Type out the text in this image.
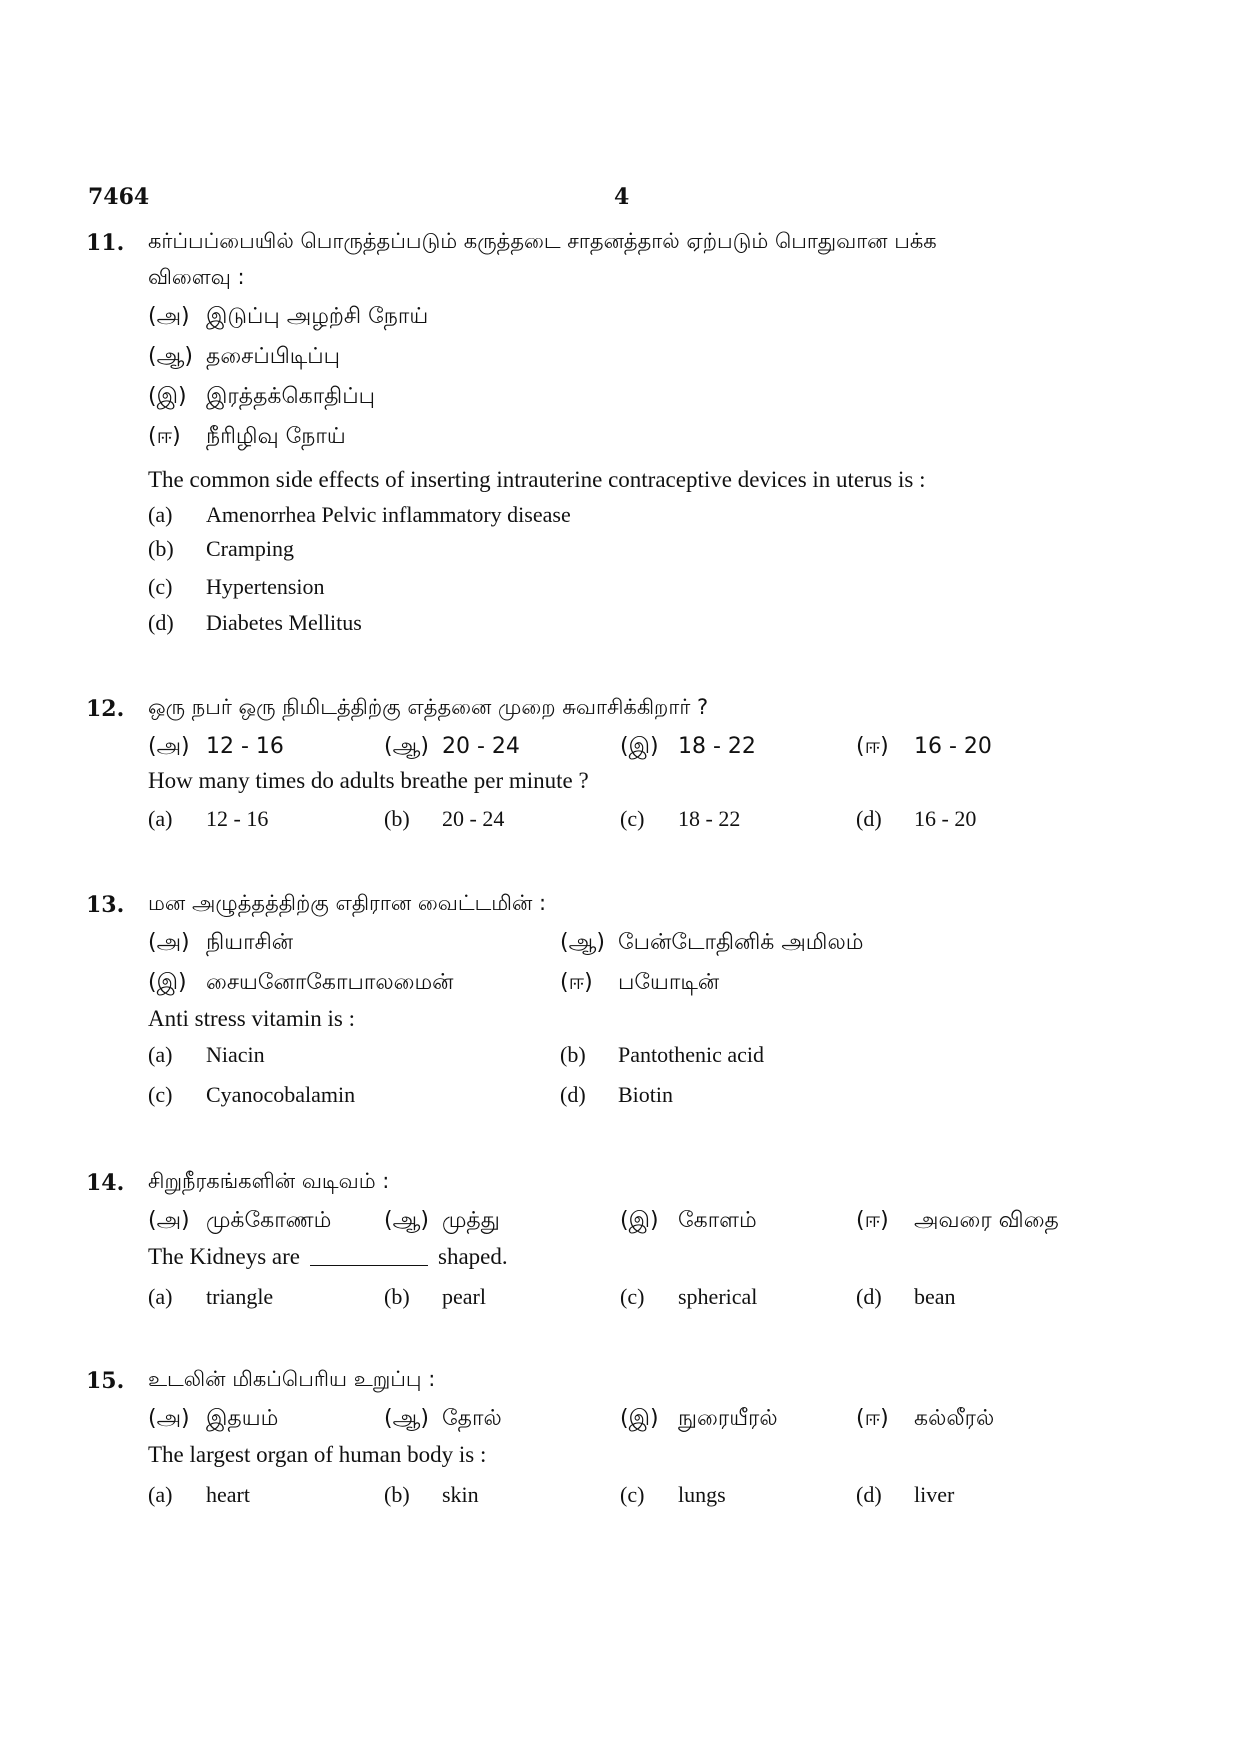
7464	4
11. கர்ப்பப்பையில் பொருத்தப்படும் கருத்தடை சாதனத்தால் ஏற்படும் பொதுவான பக்க
விளைவு :
(அ) இடுப்பு அழற்சி நோய்
(ஆ) தசைப்பிடிப்பு
(இ) இரத்தக்கொதிப்பு
(ஈ) நீரிழிவு நோய்
The common side effects of inserting intrauterine contraceptive devices in uterus is :
(a) Amenorrhea Pelvic inflammatory disease
(b) Cramping
(c) Hypertension
(d) Diabetes Mellitus
12. ஒரு நபர் ஒரு நிமிடத்திற்கு எத்தனை முறை சுவாசிக்கிறார் ?
(அ) 12 - 16	(ஆ) 20 - 24	(இ) 18 - 22	(ஈ) 16 - 20
How many times do adults breathe per minute ?
(a) 12 - 16	(b) 20 - 24	(c) 18 - 22	(d) 16 - 20
13. மன அழுத்தத்திற்கு எதிரான வைட்டமின் :
(அ) நியாசின்	(ஆ) பேன்டோதினிக் அமிலம்
(இ) சையனோகோபாலமைன்	(ஈ) பயோடின்
Anti stress vitamin is :
(a) Niacin	(b) Pantothenic acid
(c) Cyanocobalamin	(d) Biotin
14. சிறுநீரகங்களின் வடிவம் :
(அ) முக்கோணம் (ஆ) முத்து	(இ) கோளம்	(ஈ) அவரை விதை
The Kidneys are	shaped.
(a) triangle	(b) pearl	(c) spherical	(d) bean
15. உடலின் மிகப்பெரிய உறுப்பு :
(அ) இதயம்	(ஆ) தோல்	(இ) நுரையீரல்	(ஈ) கல்லீரல்
The largest organ of human body is :
(a) heart	(b) skin	(c) lungs	(d) liver
